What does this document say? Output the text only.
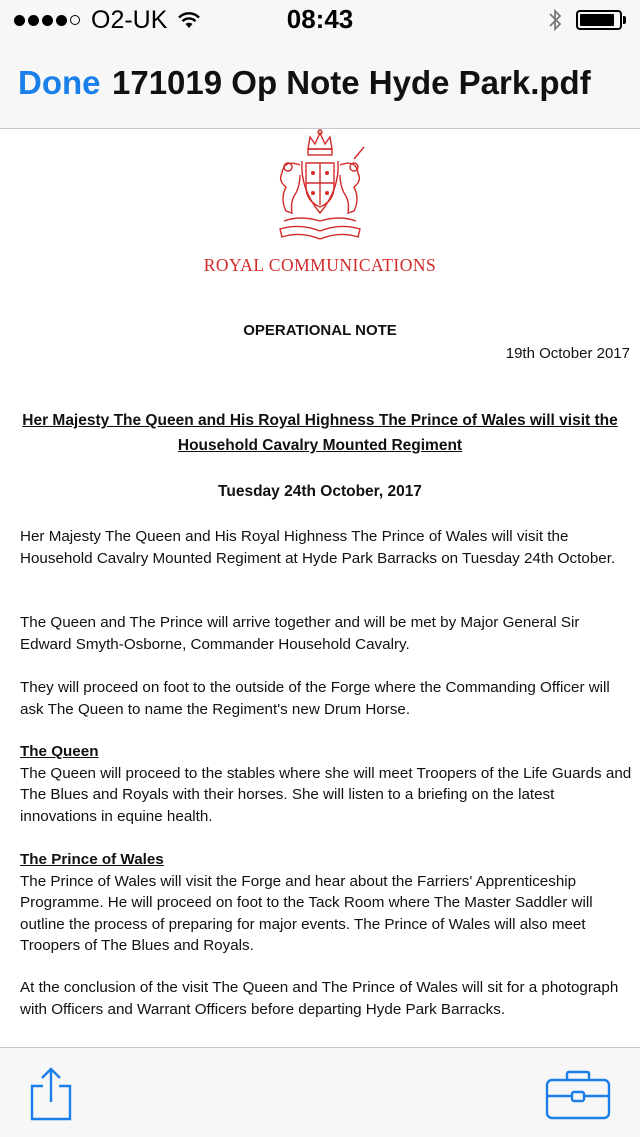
O2-UK	08:43
Done 171019 Op Note Hyde Park.pdf
ROYAL COMMUNICATIONS
OPERATIONAL NOTE
19th October 2017
Her Majesty The Queen and His Royal Highness The Prince of Wales will visit the Household Cavalry Mounted Regiment
Tuesday 24th October, 2017

Her Majesty The Queen and His Royal Highness The Prince of Wales will visit the Household Cavalry Mounted Regiment at Hyde Park Barracks on Tuesday 24th October.

The Queen and The Prince will arrive together and will be met by Major General Sir Edward Smyth-Osborne, Commander Household Cavalry.

They will proceed on foot to the outside of the Forge where the Commanding Officer will ask The Queen to name the Regiment's new Drum Horse.

The Queen
The Queen will proceed to the stables where she will meet Troopers of the Life Guards and The Blues and Royals with their horses. She will listen to a briefing on the latest innovations in equine health.
The Prince of Wales
The Prince of Wales will visit the Forge and hear about the Farriers' Apprenticeship Programme. He will proceed on foot to the Tack Room where The Master Saddler will outline the process of preparing for major events. The Prince of Wales will also meet Troopers of The Blues and Royals.

At the conclusion of the visit The Queen and The Prince of Wales will sit for a photograph with Officers and Warrant Officers before departing Hyde Park Barracks.
